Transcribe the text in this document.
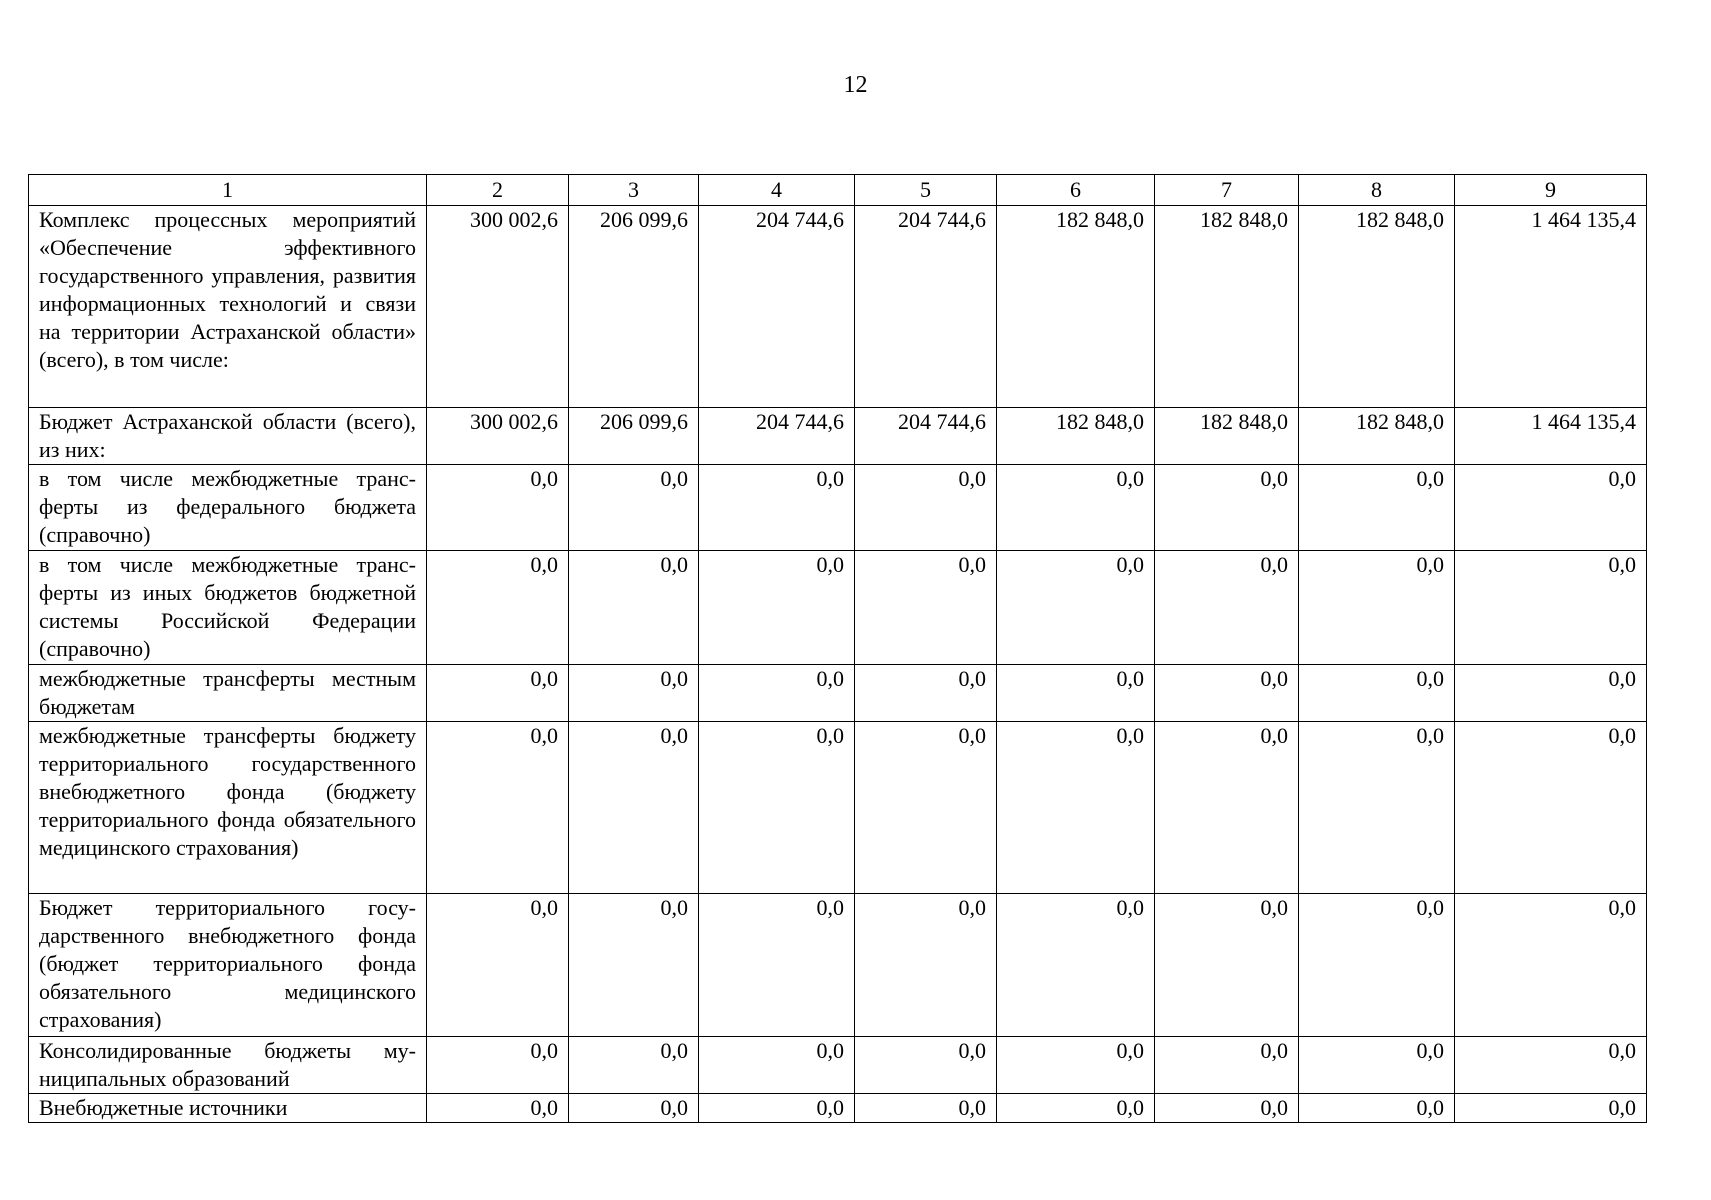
12
1	2	3	4	5	6	7	8	9
Комплекс процессных мероприятий «Обеспечение эффективного государственного управления, развития информационных технологий и связи на территории Астраханской области» (всего), в том числе:	300 002,6	206 099,6	204 744,6	204 744,6	182 848,0	182 848,0	182 848,0	1 464 135,4
Бюджет Астраханской области (всего), из них:	300 002,6	206 099,6	204 744,6	204 744,6	182 848,0	182 848,0	182 848,0	1 464 135,4
в том числе межбюджетные трансферты из федерального бюджета (справочно)	0,0	0,0	0,0	0,0	0,0	0,0	0,0	0,0
в том числе межбюджетные трансферты из иных бюджетов бюджетной системы Российской Федерации (справочно)	0,0	0,0	0,0	0,0	0,0	0,0	0,0	0,0
межбюджетные трансферты местным бюджетам	0,0	0,0	0,0	0,0	0,0	0,0	0,0	0,0
межбюджетные трансферты бюджету территориального государственного внебюджетного фонда (бюджету территориального фонда обязательного медицинского страхования)	0,0	0,0	0,0	0,0	0,0	0,0	0,0	0,0
Бюджет территориального государственного внебюджетного фонда (бюджет территориального фонда обязательного медицинского страхования)	0,0	0,0	0,0	0,0	0,0	0,0	0,0	0,0
Консолидированные бюджеты муниципальных образований	0,0	0,0	0,0	0,0	0,0	0,0	0,0	0,0
Внебюджетные источники	0,0	0,0	0,0	0,0	0,0	0,0	0,0	0,0
